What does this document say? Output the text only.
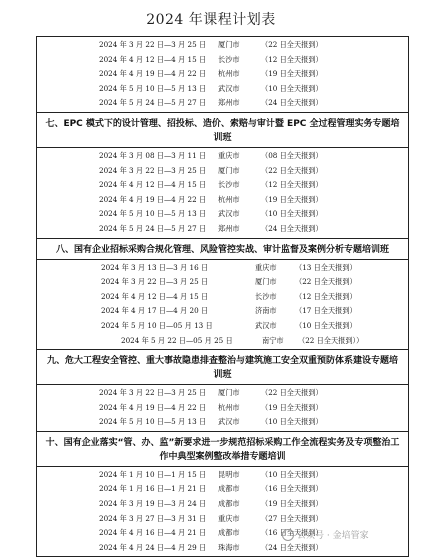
2024 年课程计划表
2024 年 3 月 22 日—3 月 25 日 厦门市	（22 日全天报到）
2024 年 4 月 12 日—4 月 15 日 长沙市	（12 日全天报到）
2024 年 4 月 19 日—4 月 22 日 杭州市	（19 日全天报到）
2024 年 5 月 10 日—5 月 13 日 武汉市	（10 日全天报到）
2024 年 5 月 24 日—5 月 27 日 郑州市	（24 日全天报到）
七、EPC 模式下的设计管理、招投标、造价、索赔与审计暨 EPC 全过程管理实务专题培训班
2024 年 3 月 08 日—3 月 11 日 重庆市	（08 日全天报到）
2024 年 3 月 22 日—3 月 25 日 厦门市	（22 日全天报到）
2024 年 4 月 12 日—4 月 15 日 长沙市	（12 日全天报到）
2024 年 4 月 19 日—4 月 22 日 杭州市	（19 日全天报到）
2024 年 5 月 10 日—5 月 13 日 武汉市	（10 日全天报到）
2024 年 5 月 24 日—5 月 27 日 郑州市	（24 日全天报到）
八、国有企业招标采购合规化管理、风险管控实战、审计监督及案例分析专题培训班
2024 年 3 月 13 日—3 月 16 日	重庆市	（13 日全天报到）
2024 年 3 月 22 日—3 月 25 日	厦门市	（22 日全天报到）
2024 年 4 月 12 日—4 月 15 日	长沙市	（12 日全天报到）
2024 年 4 月 17 日—4 月 20 日	济南市	（17 日全天报到）
2024 年 5 月 10 日—05 月 13 日	武汉市	（10 日全天报到）
2024 年 5 月 22 日—05 月 25 日	南宁市 （22 日全天报到））
九、危大工程安全管控、重大事故隐患排查整治与建筑施工安全双重预防体系建设专题培训班
2024 年 3 月 22 日—3 月 25 日 厦门市	（22 日全天报到）
2024 年 4 月 19 日—4 月 22 日 杭州市	（19 日全天报到）
2024 年 5 月 10 日—5 月 13 日 武汉市	（10 日全天报到）
十、国有企业落实“管、办、监”新要求进一步规范招标采购工作全流程实务及专项整治工作中典型案例整改举措专题培训
2024 年 1 月 10 日—1 月 15 日 昆明市	（10 日全天报到）
2024 年 1 月 16 日—1 月 21 日 成都市	（16 日全天报到）
2024 年 3 月 19 日—3 月 24 日 成都市	（19 日全天报到）
2024 年 3 月 27 日—3 月 31 日 重庆市	（27 日全天报到）
2024 年 4 月 16 日—4 月 21 日 成都市	（16 日全天报到）
2024 年 4 月 24 日—4 月 29 日 珠海市	（24 日全天报到）
公众号 · 金培管家
